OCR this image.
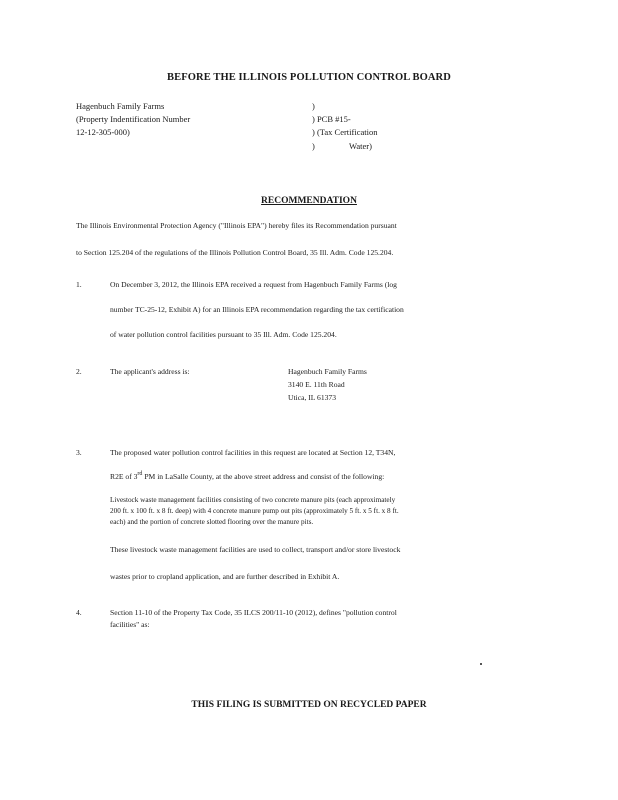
BEFORE THE ILLINOIS POLLUTION CONTROL BOARD
Hagenbuch Family Farms
(Property Indentification Number
12-12-305-000)
)
) PCB #15-
) (Tax Certification
)	Water)
RECOMMENDATION
The Illinois Environmental Protection Agency ("Illinois EPA") hereby files its Recommendation pursuant
to Section 125.204 of the regulations of the Illinois Pollution Control Board, 35 Ill. Adm. Code 125.204.
1.	On December 3, 2012, the Illinois EPA received a request from Hagenbuch Family Farms (log
number TC-25-12, Exhibit A) for an Illinois EPA recommendation regarding the tax certification
of water pollution control facilities pursuant to 35 Ill. Adm. Code 125.204.
2.	The applicant's address is:	Hagenbuch Family Farms
3140 E. 11th Road
Utica, IL 61373
3.	The proposed water pollution control facilities in this request are located at Section 12, T34N,
R2E of 3rd PM in LaSalle County, at the above street address and consist of the following:
Livestock waste management facilities consisting of two concrete manure pits (each approximately
200 ft. x 100 ft. x 8 ft. deep) with 4 concrete manure pump out pits (approximately 5 ft. x 5 ft. x 8 ft.
each) and the portion of concrete slotted flooring over the manure pits.
These livestock waste management facilities are used to collect, transport and/or store livestock
wastes prior to cropland application, and are further described in Exhibit A.
4.	Section 11-10 of the Property Tax Code, 35 ILCS 200/11-10 (2012), defines "pollution control
facilities" as:
THIS FILING IS SUBMITTED ON RECYCLED PAPER
